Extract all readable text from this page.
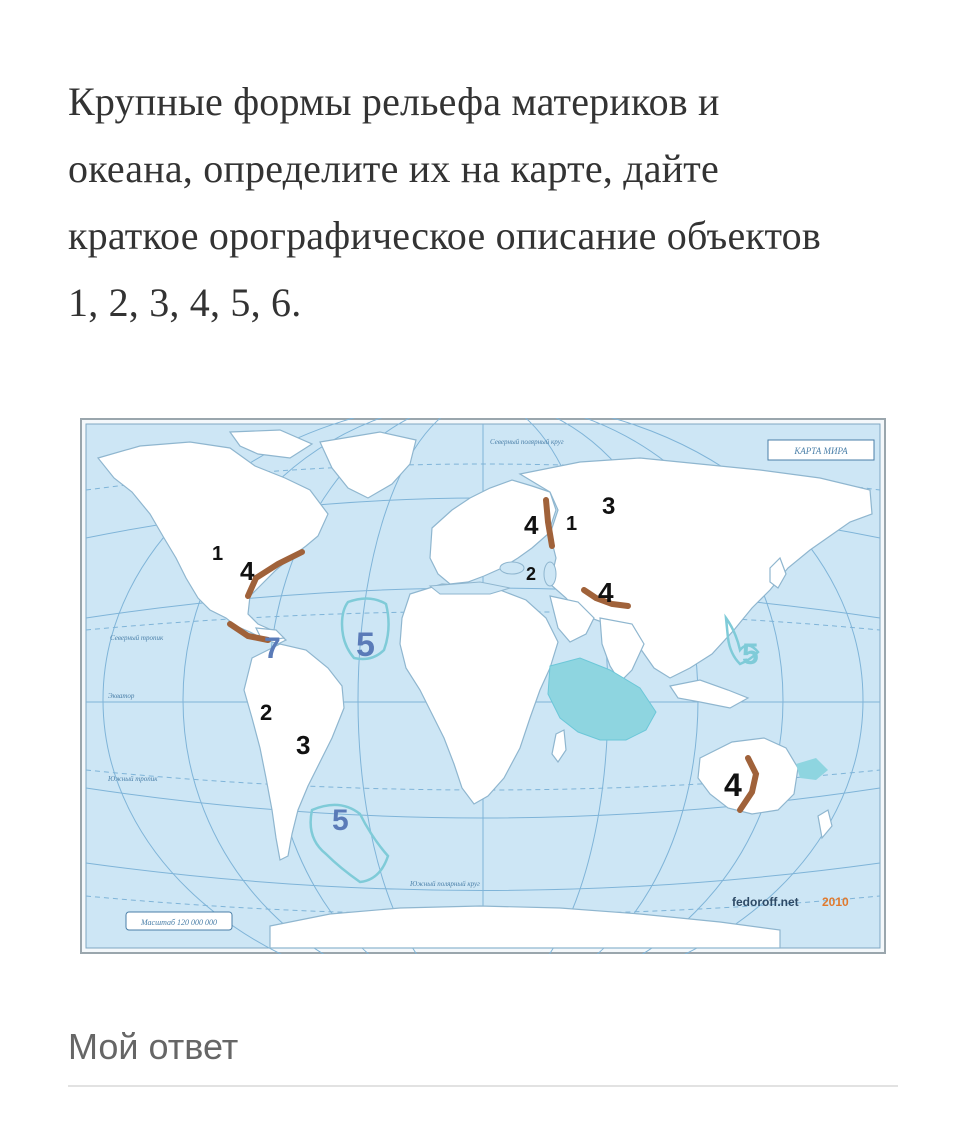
Крупные формы рельефа материков и
океана, определите их на карте, дайте
краткое орографическое описание объектов
1, 2, 3, 4, 5, 6.

Северный тропик
Экватор
Южный тропик
Южный полярный круг
Северный полярный круг
1
4
2
3
4 1
3
2
4
4
7 5
5
5
КАРТА МИРА
Масштаб 120 000 000
fedoroff.net 2010
Мой ответ
